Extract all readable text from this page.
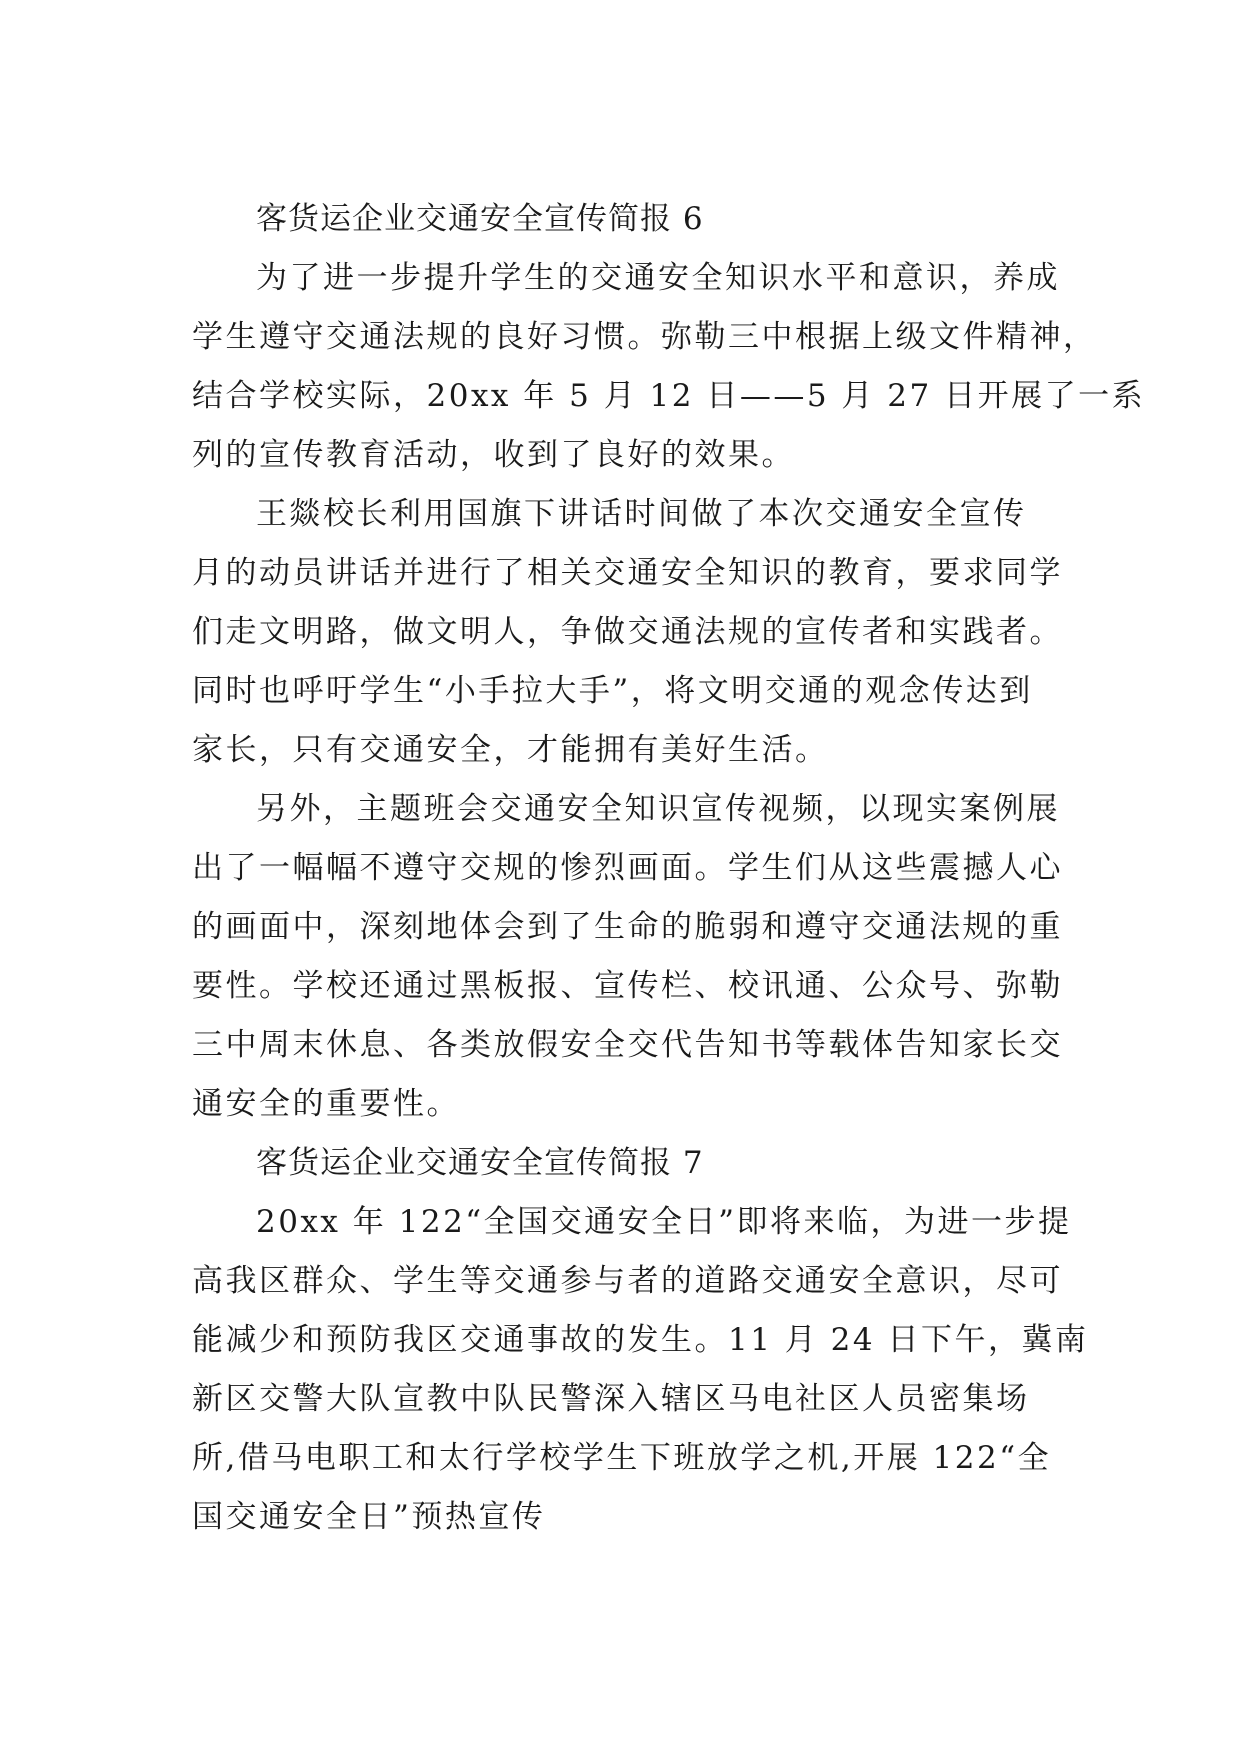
客货运企业交通安全宣传简报 6
为了进一步提升学生的交通安全知识水平和意识，养成
学生遵守交通法规的良好习惯。弥勒三中根据上级文件精神，
结合学校实际，20xx 年 5 月 12 日——5 月 27 日开展了一系
列的宣传教育活动，收到了良好的效果。
王燚校长利用国旗下讲话时间做了本次交通安全宣传
月的动员讲话并进行了相关交通安全知识的教育，要求同学
们走文明路，做文明人，争做交通法规的宣传者和实践者。
同时也呼吁学生“小手拉大手”，将文明交通的观念传达到
家长，只有交通安全，才能拥有美好生活。
另外，主题班会交通安全知识宣传视频，以现实案例展
出了一幅幅不遵守交规的惨烈画面。学生们从这些震撼人心
的画面中，深刻地体会到了生命的脆弱和遵守交通法规的重
要性。学校还通过黑板报、宣传栏、校讯通、公众号、弥勒
三中周末休息、各类放假安全交代告知书等载体告知家长交
通安全的重要性。
客货运企业交通安全宣传简报 7
20xx 年 122“全国交通安全日”即将来临，为进一步提
高我区群众、学生等交通参与者的道路交通安全意识，尽可
能减少和预防我区交通事故的发生。11 月 24 日下午，冀南
新区交警大队宣教中队民警深入辖区马电社区人员密集场
所,借马电职工和太行学校学生下班放学之机,开展 122“全
国交通安全日”预热宣传
